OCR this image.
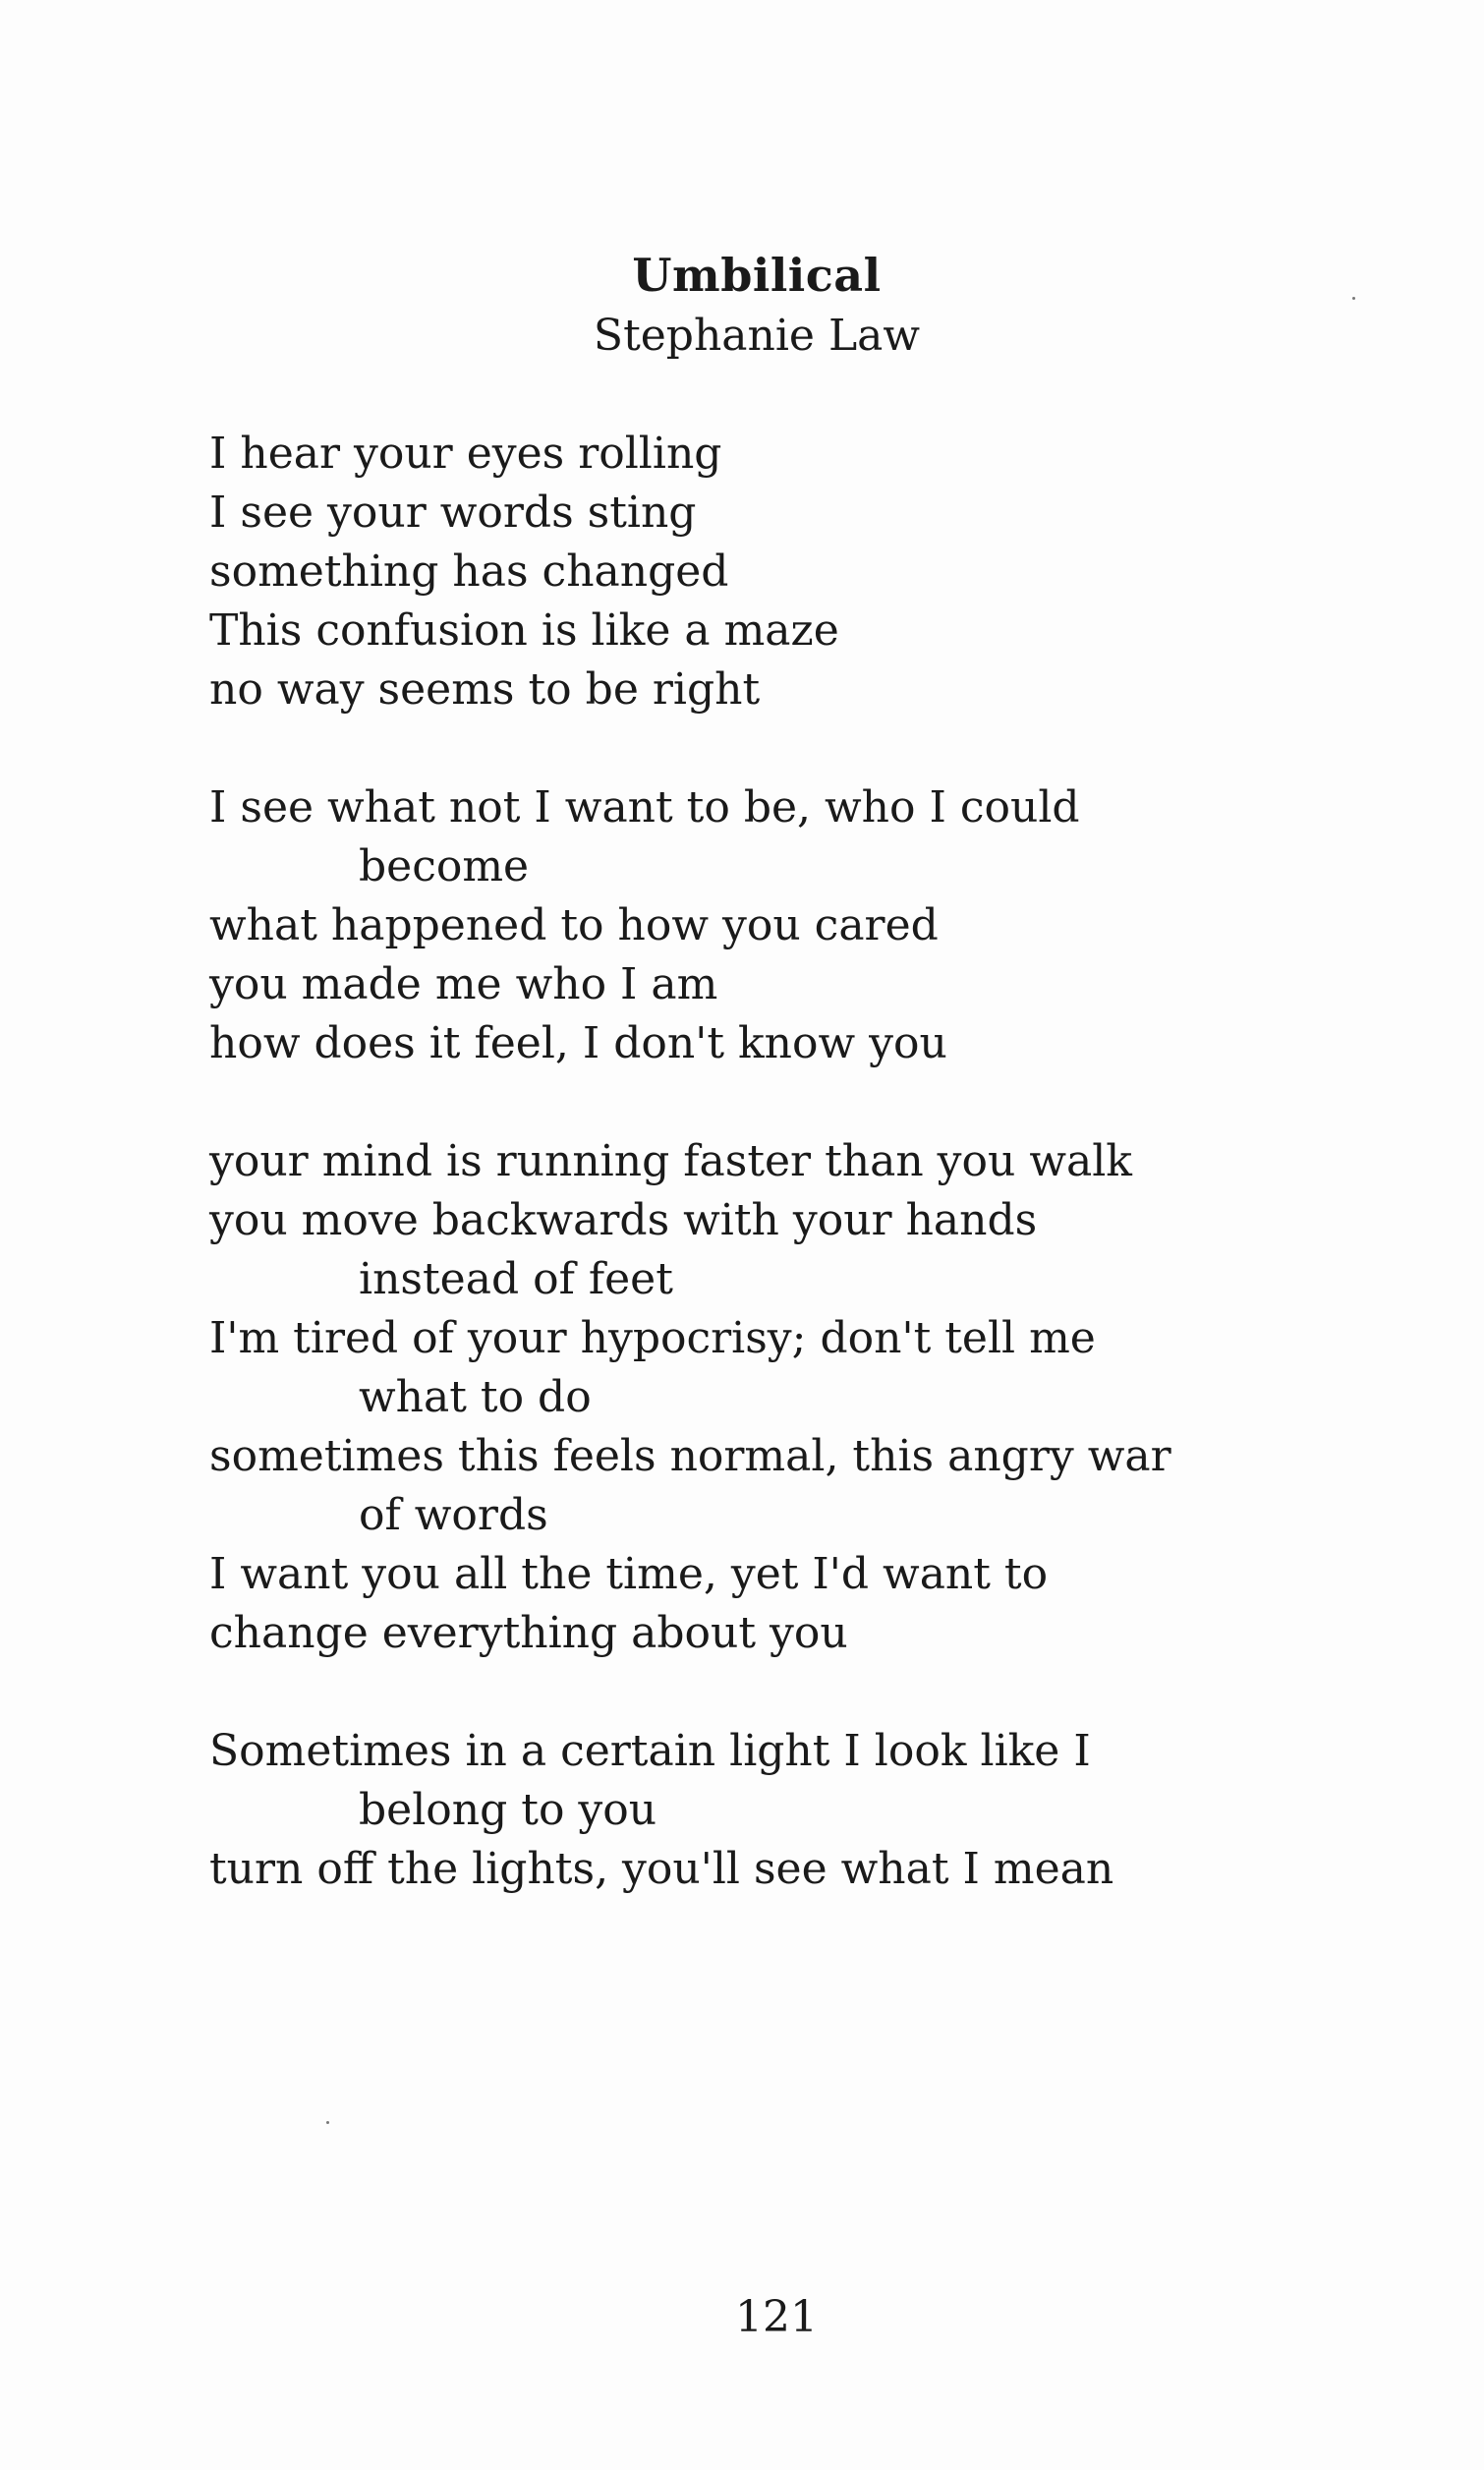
Umbilical
Stephanie Law
I hear your eyes rolling
I see your words sting
something has changed
This confusion is like a maze
no way seems to be right
I see what not I want to be, who I could
become
what happened to how you cared
you made me who I am
how does it feel, I don't know you
your mind is running faster than you walk
you move backwards with your hands
instead of feet
I'm tired of your hypocrisy; don't tell me
what to do
sometimes this feels normal, this angry war
of words
I want you all the time, yet I'd want to
change everything about you
Sometimes in a certain light I look like I
belong to you
turn off the lights, you'll see what I mean
121
